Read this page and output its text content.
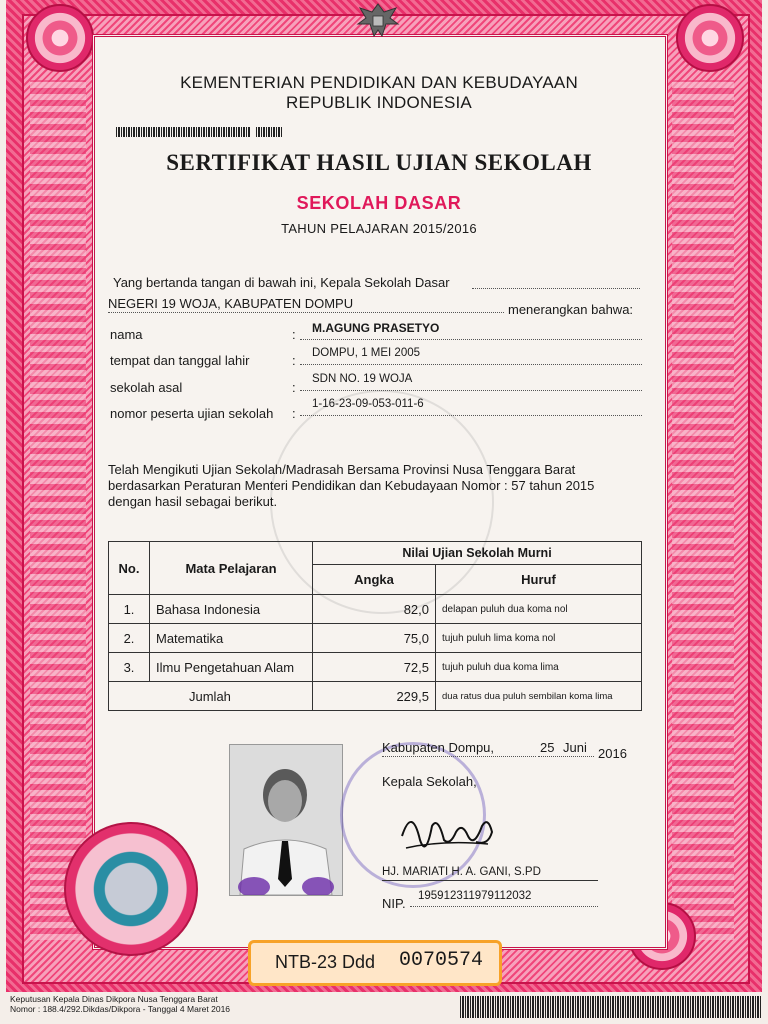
KEMENTERIAN PENDIDIKAN DAN KEBUDAYAAN
REPUBLIK INDONESIA
SERTIFIKAT HASIL UJIAN SEKOLAH
SEKOLAH DASAR
TAHUN PELAJARAN 2015/2016
Yang bertanda tangan di bawah ini, Kepala Sekolah Dasar
NEGERI 19 WOJA, KABUPATEN DOMPU	menerangkan bahwa:
nama	: M.AGUNG PRASETYO
tempat dan tanggal lahir	: DOMPU, 1 MEI 2005
sekolah asal	:
SDN NO. 19 WOJA
nomor peserta ujian sekolah :
1-16-23-09-053-011-6
Telah Mengikuti Ujian Sekolah/Madrasah Bersama Provinsi Nusa Tenggara Barat
berdasarkan Peraturan Menteri Pendidikan dan Kebudayaan Nomor : 57 tahun 2015
dengan hasil sebagai berikut.
No.	Mata Pelajaran	Nilai Ujian Sekolah Murni	
		Angka	Huruf
1.	Bahasa Indonesia	82,0	delapan puluh dua koma nol
2.	Matematika	75,0	tujuh puluh lima koma nol
3.	Ilmu Pengetahuan Alam	72,5	tujuh puluh dua koma lima
Jumlah		229,5	dua ratus dua puluh sembilan koma lima
Kabupaten Dompu,	25 Juni 2016
Kepala Sekolah,
HJ. MARIATI H. A. GANI, S.PD
NIP. 195912311979112032
NTB-23 Ddd 0070574
Keputusan Kepala Dinas Dikpora Nusa Tenggara Barat
Nomor : 188.4/292.Dikdas/Dikpora - Tanggal 4 Maret 2016
